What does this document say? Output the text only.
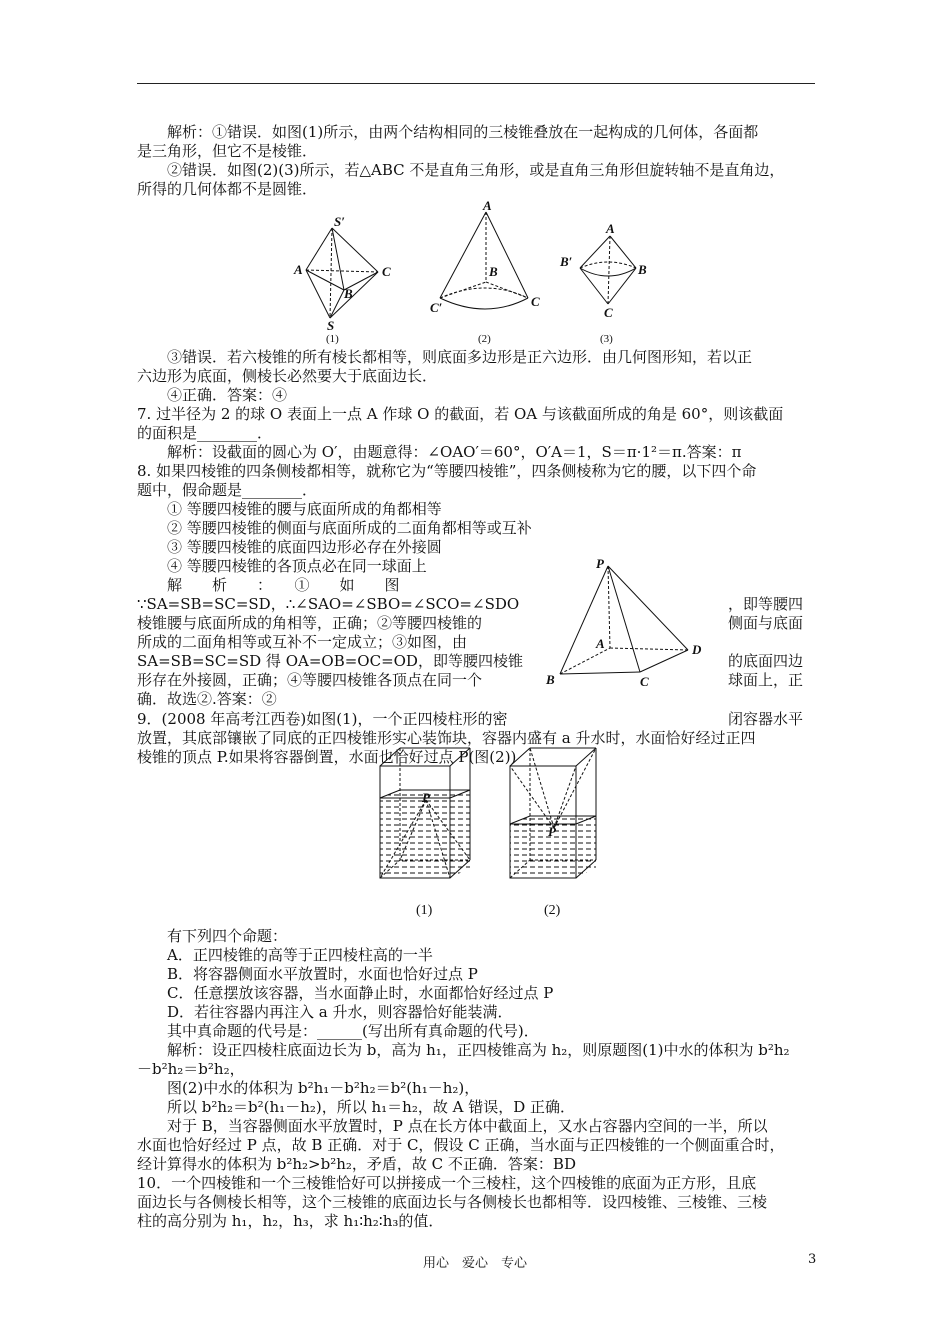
解析：①错误．如图(1)所示，由两个结构相同的三棱锥叠放在一起构成的几何体，各面都
是三角形，但它不是棱锥．
②错误．如图(2)(3)所示，若△ABC 不是直角三角形，或是直角三角形但旋转轴不是直角边，
所得的几何体都不是圆锥．
S′
A	C
B
S
(1)
A
B
C′	C
(2)
A
B′
B
C
(3)
③错误．若六棱锥的所有棱长都相等，则底面多边形是正六边形．由几何图形知，若以正
六边形为底面，侧棱长必然要大于底面边长．
④正确．答案：④
7. 过半径为 2 的球 O 表面上一点 A 作球 O 的截面，若 OA 与该截面所成的角是 60°，则该截面
的面积是________．
解析：设截面的圆心为 O′，由题意得：∠OAO′＝60°，O′A＝1，S＝π·1²＝π.答案：π
8. 如果四棱锥的四条侧棱都相等，就称它为“等腰四棱锥”，四条侧棱称为它的腰，以下四个命
题中，假命题是________．
① 等腰四棱锥的腰与底面所成的角都相等
② 等腰四棱锥的侧面与底面所成的二面角都相等或互补
③ 等腰四棱锥的底面四边形必存在外接圆
④ 等腰四棱锥的各顶点必在同一球面上
解　　析　　：　　①　　如　　图
∵SA=SB=SC=SD，∴∠SAO=∠SBO=∠SCO=∠SDO	，即等腰四
棱锥腰与底面所成的角相等，正确；②等腰四棱锥的	侧面与底面
所成的二面角相等或互补不一定成立；③如图，由
SA=SB=SC=SD 得 OA=OB=OC=OD，即等腰四棱锥	的底面四边
形存在外接圆，正确；④等腰四棱锥各顶点在同一个	球面上，正
确．故选②.答案：②
P
A	D
B	C
9．(2008 年高考江西卷)如图(1)，一个正四棱柱形的密	闭容器水平
放置，其底部镶嵌了同底的正四棱锥形实心装饰块，容器内盛有 a 升水时，水面恰好经过正四
棱锥的顶点 P.如果将容器倒置，水面也恰好过点 P(图(2))
P
(1)
P
(2)
有下列四个命题：
A．正四棱锥的高等于正四棱柱高的一半
B．将容器侧面水平放置时，水面也恰好过点 P
C．任意摆放该容器，当水面静止时，水面都恰好经过点 P
D．若往容器内再注入 a 升水，则容器恰好能装满．
其中真命题的代号是：______(写出所有真命题的代号)．
解析：设正四棱柱底面边长为 b，高为 h₁，正四棱锥高为 h₂，则原题图(1)中水的体积为 b²h₂
－b²h₂＝b²h₂，
图(2)中水的体积为 b²h₁－b²h₂＝b²(h₁－h₂)，
所以 b²h₂＝b²(h₁－h₂)，所以 h₁＝h₂，故 A 错误，D 正确．
对于 B，当容器侧面水平放置时，P 点在长方体中截面上，又水占容器内空间的一半，所以
水面也恰好经过 P 点，故 B 正确．对于 C，假设 C 正确，当水面与正四棱锥的一个侧面重合时，
经计算得水的体积为 b²h₂>b²h₂，矛盾，故 C 不正确．答案：BD
10．一个四棱锥和一个三棱锥恰好可以拼接成一个三棱柱，这个四棱锥的底面为正方形，且底
面边长与各侧棱长相等，这个三棱锥的底面边长与各侧棱长也都相等．设四棱锥、三棱锥、三棱
柱的高分别为 h₁，h₂，h₃，求 h₁∶h₂∶h₃的值．
用心　爱心　专心	3
